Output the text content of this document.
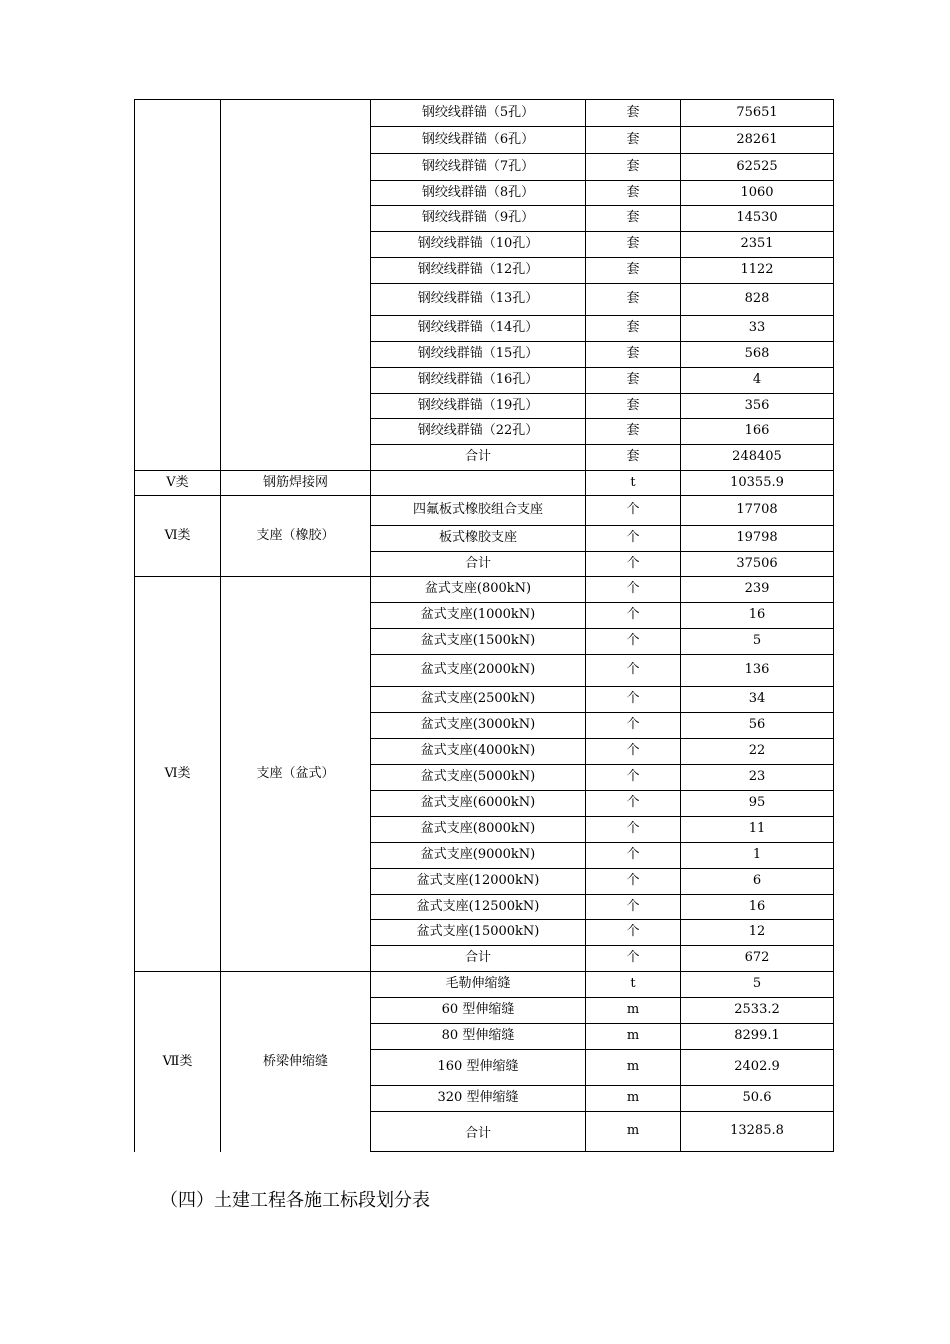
		钢绞线群锚（5孔）	套	75651
		钢绞线群锚（6孔）	套	28261
		钢绞线群锚（7孔）	套	62525
		钢绞线群锚（8孔）	套	1060
		钢绞线群锚（9孔）	套	14530
		钢绞线群锚（10孔）	套	2351
		钢绞线群锚（12孔）	套	1122
		钢绞线群锚（13孔）	套	828
		钢绞线群锚（14孔）	套	33
		钢绞线群锚（15孔）	套	568
		钢绞线群锚（16孔）	套	4
		钢绞线群锚（19孔）	套	356
		钢绞线群锚（22孔）	套	166
		合计	套	248405
Ⅴ类	钢筋焊接网		t	10355.9
Ⅵ类	支座（橡胶）	四氟板式橡胶组合支座	个	17708
		板式橡胶支座	个	19798
		合计	个	37506
Ⅵ类	支座（盆式）	盆式支座(800kN)	个	239
		盆式支座(1000kN)	个	16
		盆式支座(1500kN)	个	5
		盆式支座(2000kN)	个	136
		盆式支座(2500kN)	个	34
		盆式支座(3000kN)	个	56
		盆式支座(4000kN)	个	22
		盆式支座(5000kN)	个	23
		盆式支座(6000kN)	个	95
		盆式支座(8000kN)	个	11
		盆式支座(9000kN)	个	1
		盆式支座(12000kN)	个	6
		盆式支座(12500kN)	个	16
		盆式支座(15000kN)	个	12
		合计	个	672
Ⅶ类	桥梁伸缩缝	毛勒伸缩缝	t	5
		60 型伸缩缝	m	2533.2
		80 型伸缩缝	m	8299.1
		160 型伸缩缝	m	2402.9
		320 型伸缩缝	m	50.6
		合计	m	13285.8
（四）土建工程各施工标段划分表
